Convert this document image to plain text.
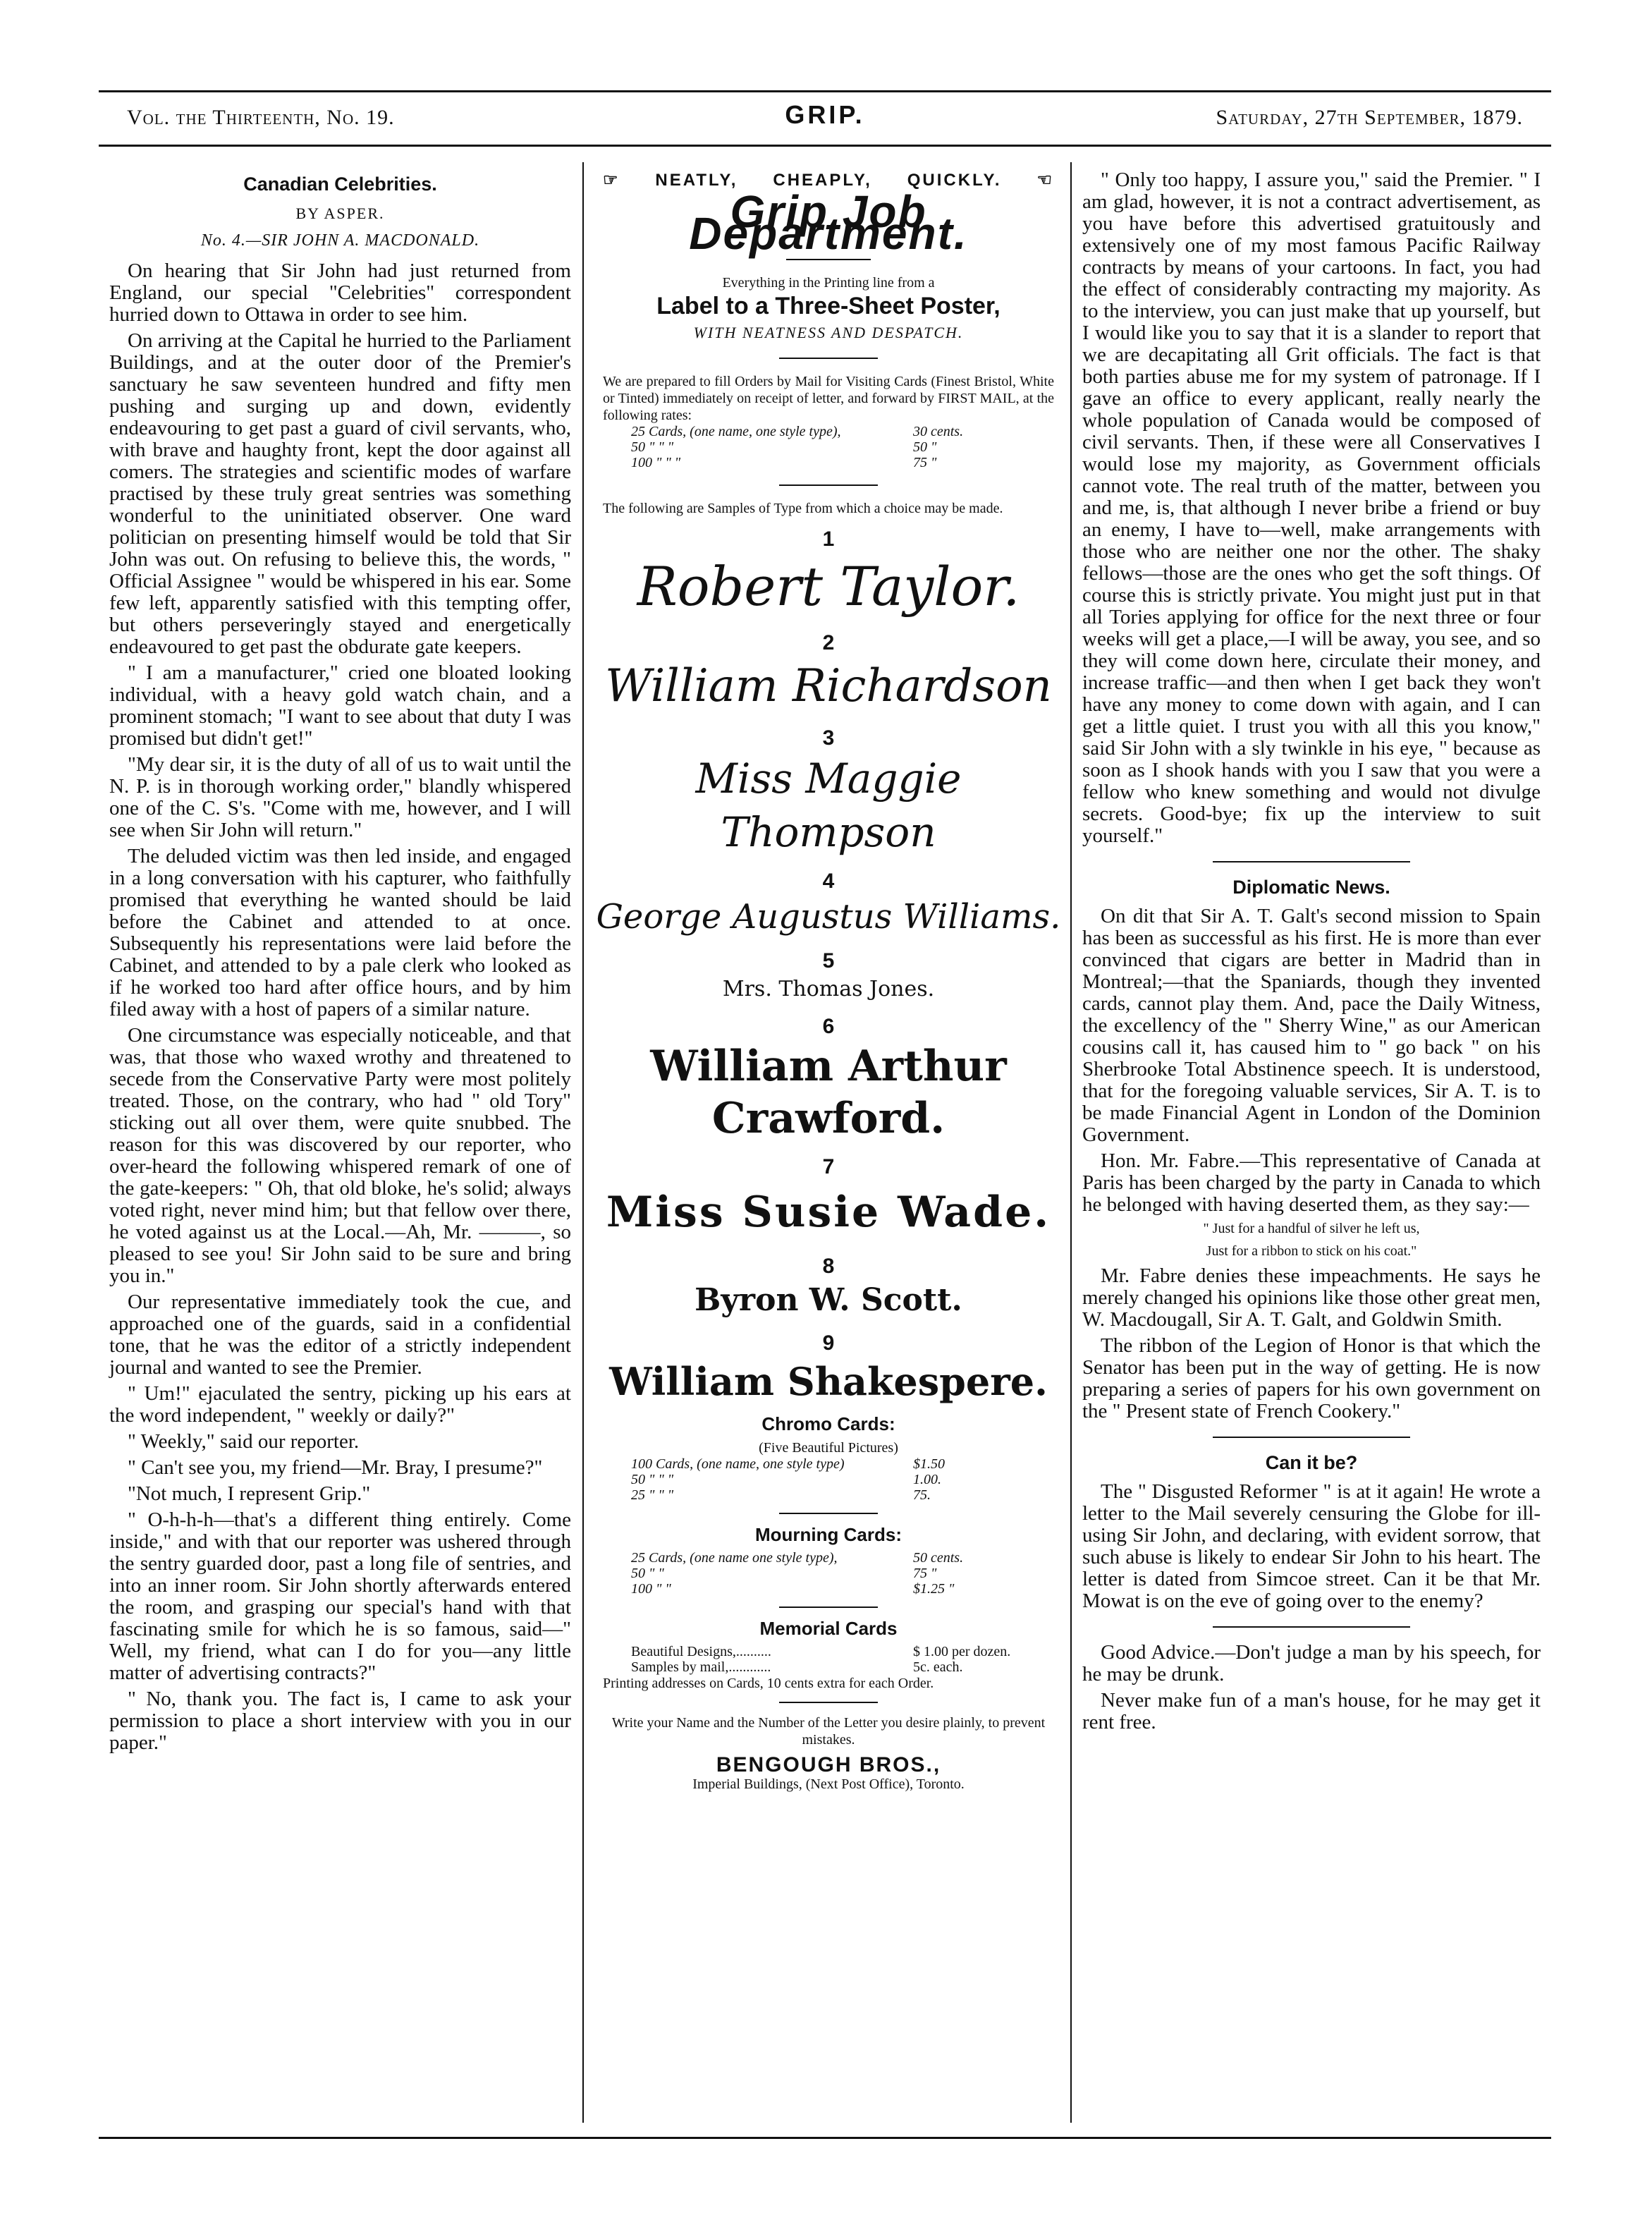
Vol. the Thirteenth, No. 19.	GRIP.	Saturday, 27th September, 1879.
Canadian Celebrities.
BY ASPER.
No. 4.—SIR JOHN A. MACDONALD.

On hearing that Sir John had just returned from England, our special "Celebrities" correspondent hurried down to Ottawa in order to see him.

On arriving at the Capital he hurried to the Parliament Buildings, and at the outer door of the Premier's sanctuary he saw seventeen hundred and fifty men pushing and surging up and down, evidently endeavouring to get past a guard of civil servants, who, with brave and haughty front, kept the door against all comers. The strategies and scientific modes of warfare practised by these truly great sentries was something wonderful to the uninitiated observer. One ward politician on presenting himself would be told that Sir John was out. On refusing to believe this, the words, " Official Assignee " would be whispered in his ear. Some few left, apparently satisfied with this tempting offer, but others perseveringly stayed and energetically endeavoured to get past the obdurate gate keepers.

" I am a manufacturer," cried one bloated looking individual, with a heavy gold watch chain, and a prominent stomach; "I want to see about that duty I was promised but didn't get!"

"My dear sir, it is the duty of all of us to wait until the N. P. is in thorough working order," blandly whispered one of the C. S's. "Come with me, however, and I will see when Sir John will return."

The deluded victim was then led inside, and engaged in a long conversation with his capturer, who faithfully promised that everything he wanted should be laid before the Cabinet and attended to at once. Subsequently his representations were laid before the Cabinet, and attended to by a pale clerk who looked as if he worked too hard after office hours, and by him filed away with a host of papers of a similar nature.

One circumstance was especially noticeable, and that was, that those who waxed wrothy and threatened to secede from the Conservative Party were most politely treated. Those, on the contrary, who had " old Tory" sticking out all over them, were quite snubbed. The reason for this was discovered by our reporter, who over-heard the following whispered remark of one of the gate-keepers: " Oh, that old bloke, he's solid; always voted right, never mind him; but that fellow over there, he voted against us at the Local.—Ah, Mr. ———, so pleased to see you! Sir John said to be sure and bring you in."

Our representative immediately took the cue, and approached one of the guards, said in a confidential tone, that he was the editor of a strictly independent journal and wanted to see the Premier.

" Um!" ejaculated the sentry, picking up his ears at the word independent, " weekly or daily?"

" Weekly," said our reporter.

" Can't see you, my friend—Mr. Bray, I presume?"

"Not much, I represent Grip."

" O-h-h-h—that's a different thing entirely. Come inside," and with that our reporter was ushered through the sentry guarded door, past a long file of sentries, and into an inner room. Sir John shortly afterwards entered the room, and grasping our special's hand with that fascinating smile for which he is so famous, said—" Well, my friend, what can I do for you—any little matter of advertising contracts?"

" No, thank you. The fact is, I came to ask your permission to place a short interview with you in our paper."

☞ NEATLY, CHEAPLY, QUICKLY. ☜
Grip Job Department.
Everything in the Printing line from a
Label to a Three-Sheet Poster,
WITH NEATNESS AND DESPATCH.
We are prepared to fill Orders by Mail for Visiting Cards (Finest Bristol, White or Tinted) immediately on receipt of letter, and forward by FIRST MAIL, at the following rates:
25 Cards, (one name, one style type),	30 cents.
50 " " "	50 "
100 " " "	75 "
The following are Samples of Type from which a choice may be made.
1
Robert Taylor.
2
William Richardson
3
Miss Maggie Thompson
4
George Augustus Williams.
5
Mrs. Thomas Jones.
6
William Arthur Crawford.
7
Miss Susie Wade.
8
Byron W. Scott.
9
William Shakespere.
Chromo Cards:
(Five Beautiful Pictures)
100 Cards, (one name, one style type)	$1.50
50 " " "	1.00.
25 " " "	75.
Mourning Cards:
25 Cards, (one name one style type),	50 cents.
50 " "	75 "
100 " "	$1.25 "
Memorial Cards
Beautiful Designs,..........	$ 1.00 per dozen.
Samples by mail,............	5c. each.
Printing addresses on Cards, 10 cents extra for each Order.
Write your Name and the Number of the Letter you desire plainly, to prevent mistakes.
BENGOUGH BROS.,
Imperial Buildings, (Next Post Office), Toronto.

" Only too happy, I assure you," said the Premier. " I am glad, however, it is not a contract advertisement, as you have before this advertised gratuitously and extensively one of my most famous Pacific Railway contracts by means of your cartoons. In fact, you had the effect of considerably contracting my majority. As to the interview, you can just make that up yourself, but I would like you to say that it is a slander to report that we are decapitating all Grit officials. The fact is that both parties abuse me for my system of patronage. If I gave an office to every applicant, really nearly the whole population of Canada would be composed of civil servants. Then, if these were all Conservatives I would lose my majority, as Government officials cannot vote. The real truth of the matter, between you and me, is, that although I never bribe a friend or buy an enemy, I have to—well, make arrangements with those who are neither one nor the other. The shaky fellows—those are the ones who get the soft things. Of course this is strictly private. You might just put in that all Tories applying for office for the next three or four weeks will get a place,—I will be away, you see, and so they will come down here, circulate their money, and increase traffic—and then when I get back they won't have any money to come down with again, and I can get a little quiet. I trust you with all this you know," said Sir John with a sly twinkle in his eye, " because as soon as I shook hands with you I saw that you were a fellow who knew something and would not divulge secrets. Good-bye; fix up the interview to suit yourself."

Diplomatic News.

On dit that Sir A. T. Galt's second mission to Spain has been as successful as his first. He is more than ever convinced that cigars are better in Madrid than in Montreal;—that the Spaniards, though they invented cards, cannot play them. And, pace the Daily Witness, the excellency of the " Sherry Wine," as our American cousins call it, has caused him to " go back " on his Sherbrooke Total Abstinence speech. It is understood, that for the foregoing valuable services, Sir A. T. is to be made Financial Agent in London of the Dominion Government.

Hon. Mr. Fabre.—This representative of Canada at Paris has been charged by the party in Canada to which he belonged with having deserted them, as they say:—

" Just for a handful of silver he left us,
Just for a ribbon to stick on his coat."

Mr. Fabre denies these impeachments. He says he merely changed his opinions like those other great men, W. Macdougall, Sir A. T. Galt, and Goldwin Smith.

The ribbon of the Legion of Honor is that which the Senator has been put in the way of getting. He is now preparing a series of papers for his own government on the " Present state of French Cookery."

Can it be?

The " Disgusted Reformer " is at it again! He wrote a letter to the Mail severely censuring the Globe for ill-using Sir John, and declaring, with evident sorrow, that such abuse is likely to endear Sir John to his heart. The letter is dated from Simcoe street. Can it be that Mr. Mowat is on the eve of going over to the enemy?

Good Advice.—Don't judge a man by his speech, for he may be drunk.

Never make fun of a man's house, for he may get it rent free.
